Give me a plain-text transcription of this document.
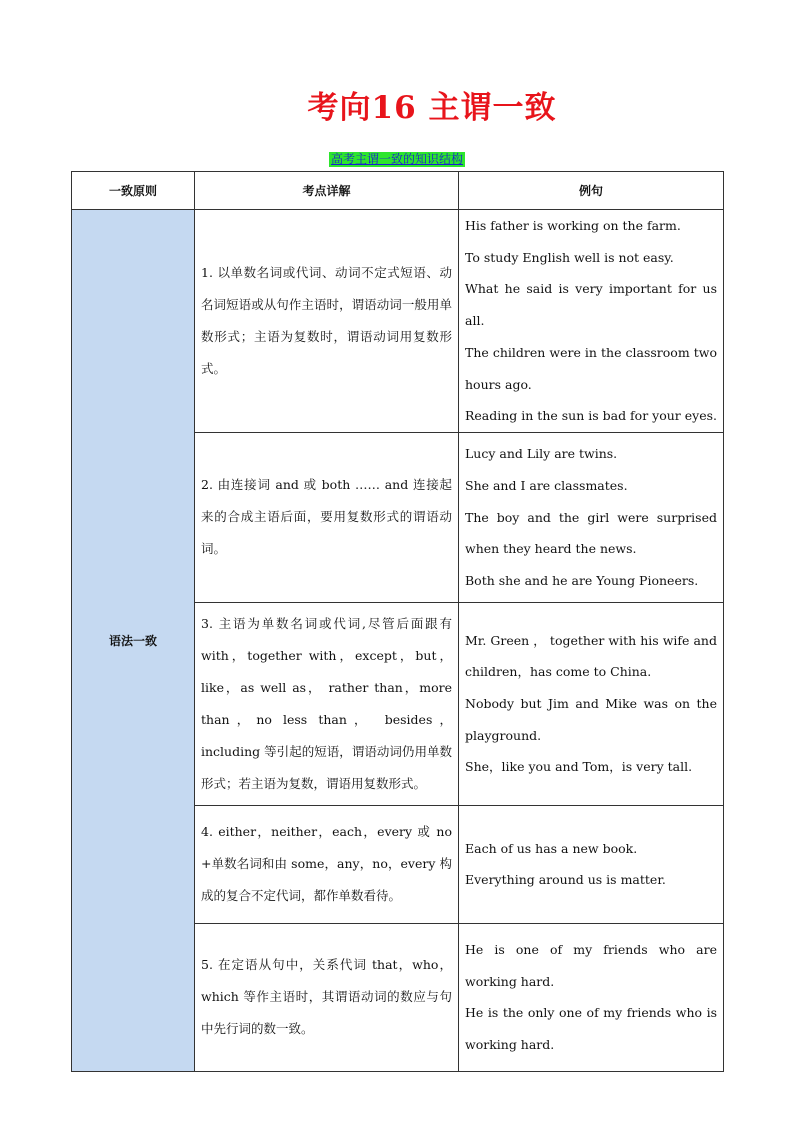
考向16 主谓一致
高考主谓一致的知识结构
一致原则	考点详解	例句
语法一致	1. 以单数名词或代词、动词不定式短语、动名词短语或从句作主语时，谓语动词一般用单数形式；主语为复数时，谓语动词用复数形式。	His father is working on the farm.
To study English well is not easy.
What he said is very important for us all.
The children were in the classroom two hours ago.
Reading in the sun is bad for your eyes.

	2. 由连接词 and 或 both …… and 连接起来的合成主语后面，要用复数形式的谓语动词。	Lucy and Lily are twins.
She and I are classmates.
The boy and the girl were surprised when they heard the news.
Both she and he are Young Pioneers.

	3. 主语为单数名词或代词,尽管后面跟有 with，together with，except，but，like，as well as， rather than，more than，no less than， besides，including 等引起的短语，谓语动词仍用单数形式；若主语为复数，谓语用复数形式。	Mr. Green ， together with his wife and children，has come to China.
Nobody but Jim and Mike was on the playground.
She，like you and Tom，is very tall.

	4. either，neither，each，every 或 no +单数名词和由 some，any，no，every 构成的复合不定代词，都作单数看待。	Each of us has a new book.
Everything around us is matter.

	5. 在定语从句中，关系代词 that，who，which 等作主语时，其谓语动词的数应与句中先行词的数一致。	He is one of my friends who are working hard.
He is the only one of my friends who is working hard.
